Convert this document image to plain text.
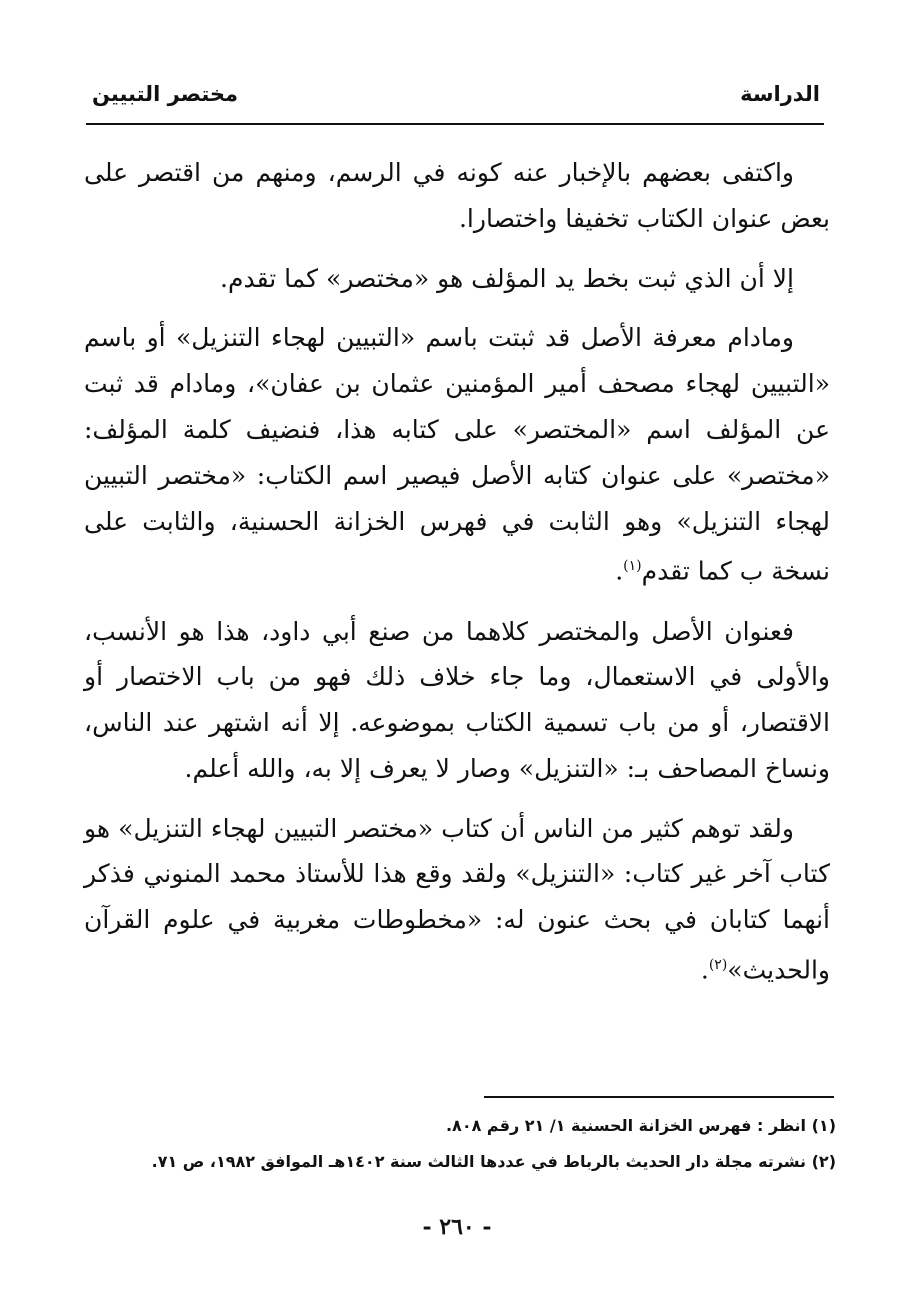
الدراسة
مختصر التبيين

واكتفى بعضهم بالإخبار عنه كونه في الرسم، ومنهم من اقتصر على بعض عنوان الكتاب تخفيفا واختصارا.

إلا أن الذي ثبت بخط يد المؤلف هو «مختصر» كما تقدم.

ومادام معرفة الأصل قد ثبتت باسم «التبيين لهجاء التنزيل» أو باسم «التبيين لهجاء مصحف أمير المؤمنين عثمان بن عفان»، ومادام قد ثبت عن المؤلف اسم «المختصر» على كتابه هذا، فنضيف كلمة المؤلف: «مختصر» على عنوان كتابه الأصل فيصير اسم الكتاب: «مختصر التبيين لهجاء التنزيل» وهو الثابت في فهرس الخزانة الحسنية، والثابت على نسخة ب كما تقدم$^{(١)}$.

فعنوان الأصل والمختصر كلاهما من صنع أبي داود، هذا هو الأنسب، والأولى في الاستعمال، وما جاء خلاف ذلك فهو من باب الاختصار أو الاقتصار، أو من باب تسمية الكتاب بموضوعه. إلا أنه اشتهر عند الناس، ونساخ المصاحف بـ: «التنزيل» وصار لا يعرف إلا به، والله أعلم.

ولقد توهم كثير من الناس أن كتاب «مختصر التبيين لهجاء التنزيل» هو كتاب آخر غير كتاب: «التنزيل» ولقد وقع هذا للأستاذ محمد المنوني فذكر أنهما كتابان في بحث عنون له: «مخطوطات مغربية في علوم القرآن والحديث»$^{(٢)}$.

(١) انظر : فهرس الخزانة الحسنية ١/ ٢١ رقم ٨٠٨.
(٢) نشرته مجلة دار الحديث بالرباط في عددها الثالث سنة ١٤٠٢هـ الموافق ١٩٨٢، ص ٧١.
- ٢٦٠ -
